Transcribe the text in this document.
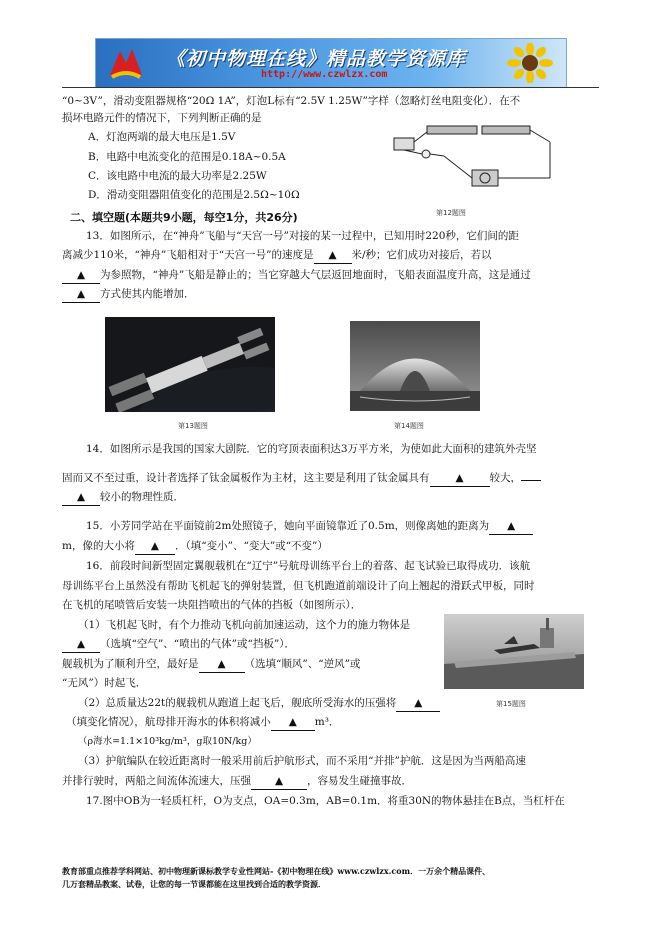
《初中物理在线》精品教学资源库
http://www.czwlzx.com
“0~3V”，滑动变阻器规格“20Ω 1A”，灯泡L标有“2.5V 1.25W”字样（忽略灯丝电阻变化）．在不
损坏电路元件的情况下，下列判断正确的是
A．灯泡两端的最大电压是1.5V
B．电路中电流变化的范围是0.18A~0.5A
C．该电路中电流的最大功率是2.25W
D．滑动变阻器阻值变化的范围是2.5Ω~10Ω
第12题图
二、填空题(本题共9小题，每空1分，共26分)
13．如图所示，在“神舟”飞船与“天宫一号”对接的某一过程中，已知用时220秒，它们间的距
离减少110米，“神舟”飞船相对于“天宫一号”的速度是 ▲ 米/秒；它们成功对接后，若以
▲ 为参照物，“神舟”飞船是静止的；当它穿越大气层返回地面时，飞船表面温度升高，这是通过
▲ 方式使其内能增加．
第13题图	第14题图
14．如图所示是我国的国家大剧院．它的穹顶表面积达3万平方米，为使如此大面积的建筑外壳坚
固而又不至过重，设计者选择了钛金属板作为主材，这主要是利用了钛金属具有 ▲ 较大，
▲ 较小的物理性质．
15．小芳同学站在平面镜前2m处照镜子，她向平面镜靠近了0.5m，则像离她的距离为 ▲
m，像的大小将 ▲ ．（填“变小”、“变大”或“不变”）
16．前段时间新型固定翼舰载机在“辽宁”号航母训练平台上的着落、起飞试验已取得成功．该航
母训练平台上虽然没有帮助飞机起飞的弹射装置，但飞机跑道前端设计了向上翘起的滑跃式甲板，同时
在飞机的尾喷管后安装一块阻挡喷出的气体的挡板（如图所示）．
（1）飞机起飞时，有个力推动飞机向前加速运动，这个力的施力物体是
▲ （选填“空气”、“喷出的气体”或“挡板”）．
舰载机为了顺利升空，最好是 ▲ （选填“顺风”、“逆风”或
“无风”）时起飞．
（2）总质量达22t的舰载机从跑道上起飞后，舰底所受海水的压强将 ▲	第15题图
（填变化情况），航母排开海水的体积将减小 ▲ m³．
（ρ海水=1.1×10³kg/m³，g取10N/kg）
（3）护航编队在较近距离时一般采用前后护航形式，而不采用“并排”护航．这是因为当两船高速
并排行驶时，两船之间流体流速大，压强 ▲ ，容易发生碰撞事故．
17.图中OB为一轻质杠杆，O为支点，OA=0.3m，AB=0.1m．将重30N的物体悬挂在B点，当杠杆在
教育部重点推荐学科网站、初中物理新课标教学专业性网站-《初中物理在线》www.czwlzx.com．一万余个精品课件、
几万套精品教案、试卷，让您的每一节课都能在这里找到合适的教学资源．
